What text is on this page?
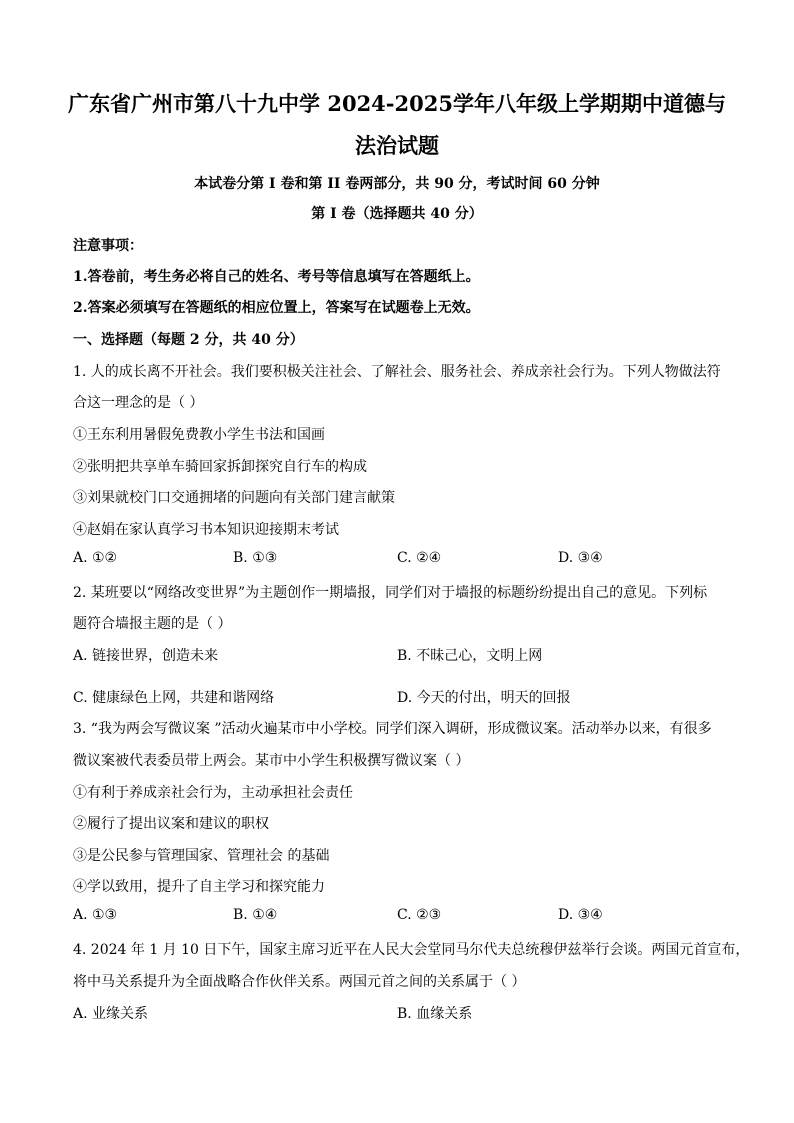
广东省广州市第八十九中学 2024-2025学年八年级上学期期中道德与
法治试题
本试卷分第 I 卷和第 II 卷两部分，共 90 分，考试时间 60 分钟
第 I 卷（选择题共 40 分）
注意事项：
1.答卷前，考生务必将自己的姓名、考号等信息填写在答题纸上。
2.答案必须填写在答题纸的相应位置上，答案写在试题卷上无效。
一、选择题（每题 2 分，共 40 分）
1. 人的成长离不开社会。我们要积极关注社会、了解社会、服务社会、养成亲社会行为。下列人物做法符
合这一理念的是（ ）
①王东利用暑假免费教小学生书法和国画
②张明把共享单车骑回家拆卸探究自行车的构成
③刘果就校门口交通拥堵的问题向有关部门建言献策
④赵娟在家认真学习书本知识迎接期末考试
A. ①②	B. ①③	C. ②④	D. ③④
2. 某班要以“网络改变世界”为主题创作一期墙报，同学们对于墙报的标题纷纷提出自己的意见。下列标
题符合墙报主题的是（ ）
A. 链接世界，创造未来	B. 不昧己心，文明上网
C. 健康绿色上网，共建和谐网络	D. 今天的付出，明天的回报
3. “我为两会写微议案 ”活动火遍某市中小学校。同学们深入调研，形成微议案。活动举办以来，有很多
微议案被代表委员带上两会。某市中小学生积极撰写微议案（ ）
①有利于养成亲社会行为，主动承担社会责任
②履行了提出议案和建议的职权
③是公民参与管理国家、管理社会 的基础
④学以致用，提升了自主学习和探究能力
A. ①③	B. ①④	C. ②③	D. ③④
4. 2024 年 1 月 10 日下午，国家主席习近平在人民大会堂同马尔代夫总统穆伊兹举行会谈。两国元首宣布，
将中马关系提升为全面战略合作伙伴关系。两国元首之间的关系属于（ ）
A. 业缘关系	B. 血缘关系
